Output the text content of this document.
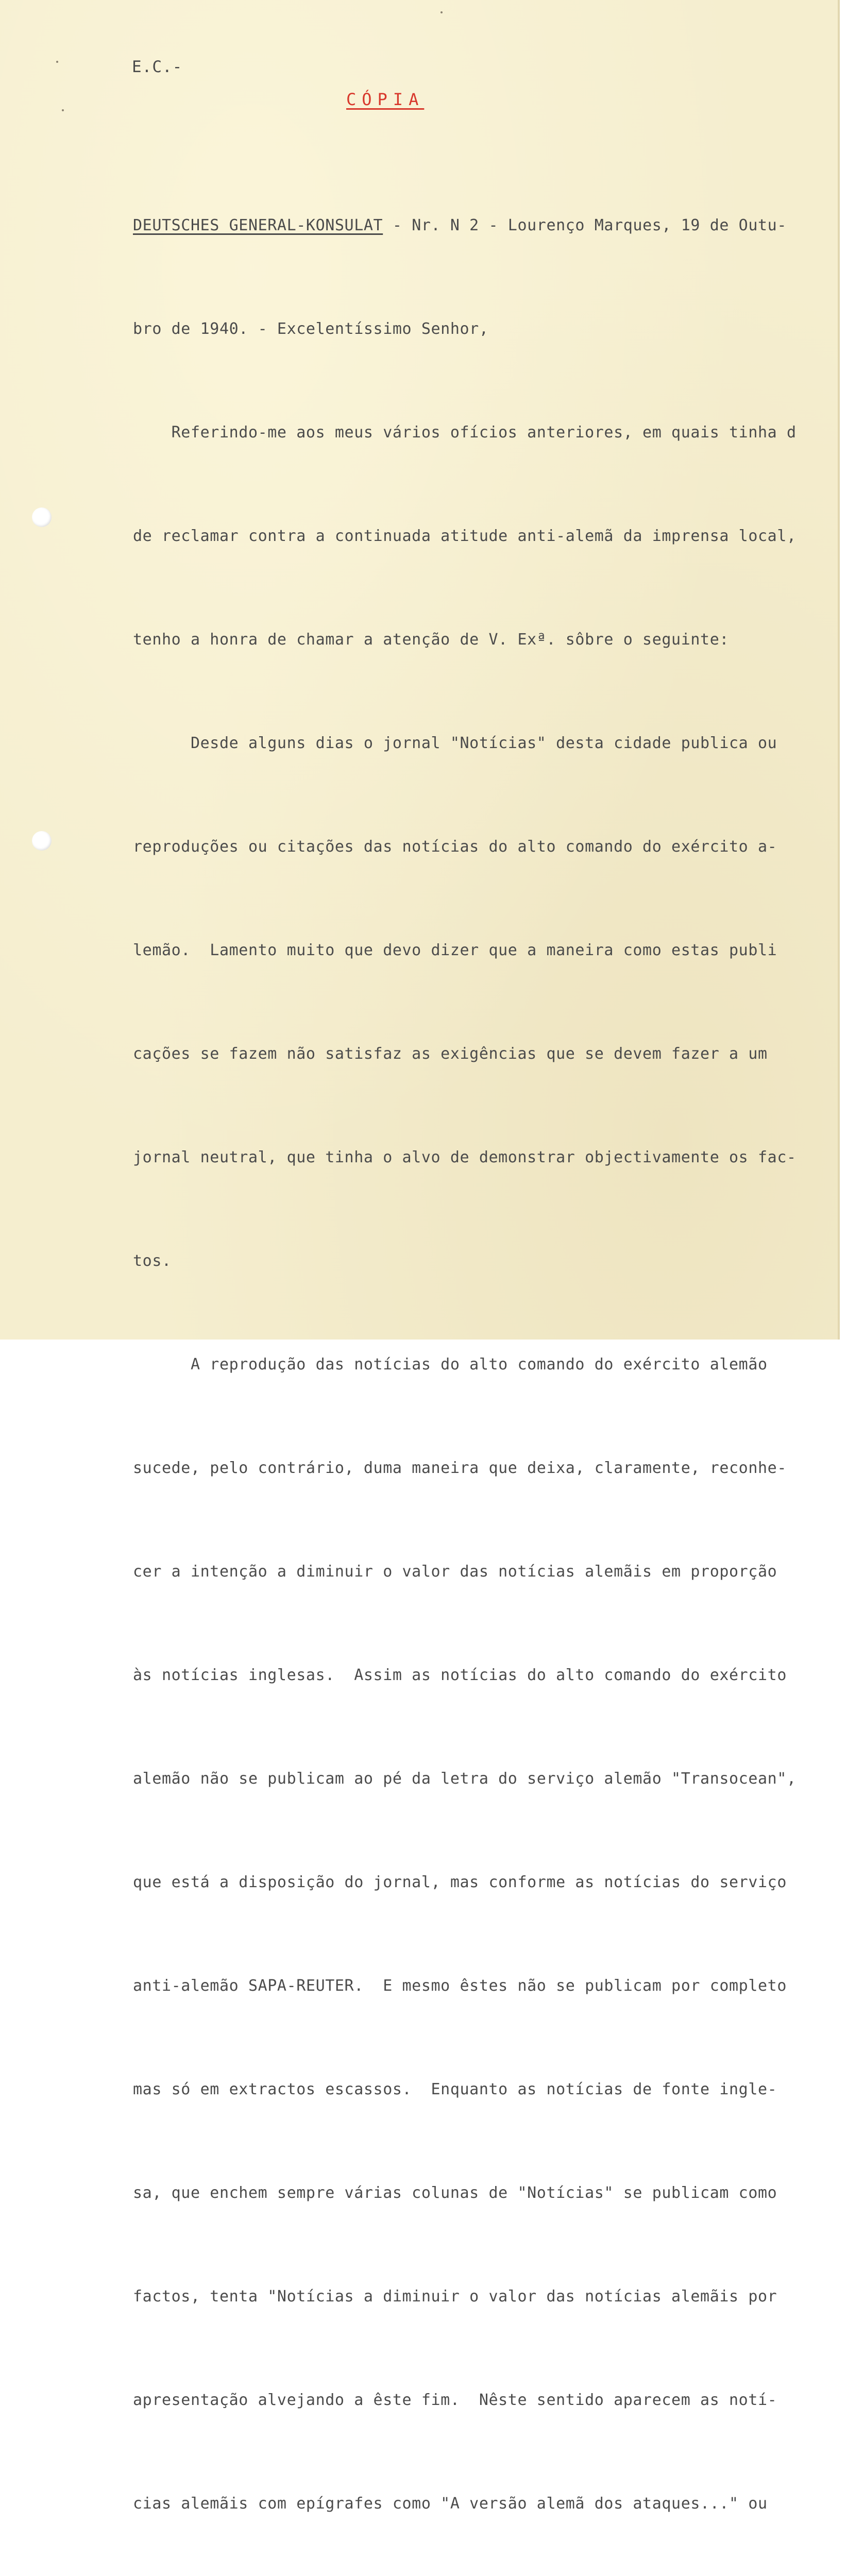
E.C.-
CÓPIA

DEUTSCHES GENERAL-KONSULAT - Nr. N 2 - Lourenço Marques, 19 de Outu-

bro de 1940. - Excelentíssimo Senhor,

Referindo-me aos meus vários ofícios anteriores, em quais tinha d

de reclamar contra a continuada atitude anti-alemã da imprensa local,

tenho a honra de chamar a atenção de V. Exª. sôbre o seguinte:

Desde alguns dias o jornal "Notícias" desta cidade publica ou

reproduções ou citações das notícias do alto comando do exército a-

lemão.  Lamento muito que devo dizer que a maneira como estas publi

cações se fazem não satisfaz as exigências que se devem fazer a um

jornal neutral, que tinha o alvo de demonstrar objectivamente os fac-

tos.

A reprodução das notícias do alto comando do exército alemão

sucede, pelo contrário, duma maneira que deixa, claramente, reconhe-

cer a intenção a diminuir o valor das notícias alemãis em proporção

às notícias inglesas.  Assim as notícias do alto comando do exército

alemão não se publicam ao pé da letra do serviço alemão "Transocean",

que está a disposição do jornal, mas conforme as notícias do serviço

anti-alemão SAPA-REUTER.  E mesmo êstes não se publicam por completo

mas só em extractos escassos.  Enquanto as notícias de fonte ingle-

sa, que enchem sempre várias colunas de "Notícias" se publicam como

factos, tenta "Notícias a diminuir o valor das notícias alemãis por

apresentação alvejando a êste fim.  Nêste sentido aparecem as notí-

cias alemãis com epígrafes como "A versão alemã dos ataques..." ou
